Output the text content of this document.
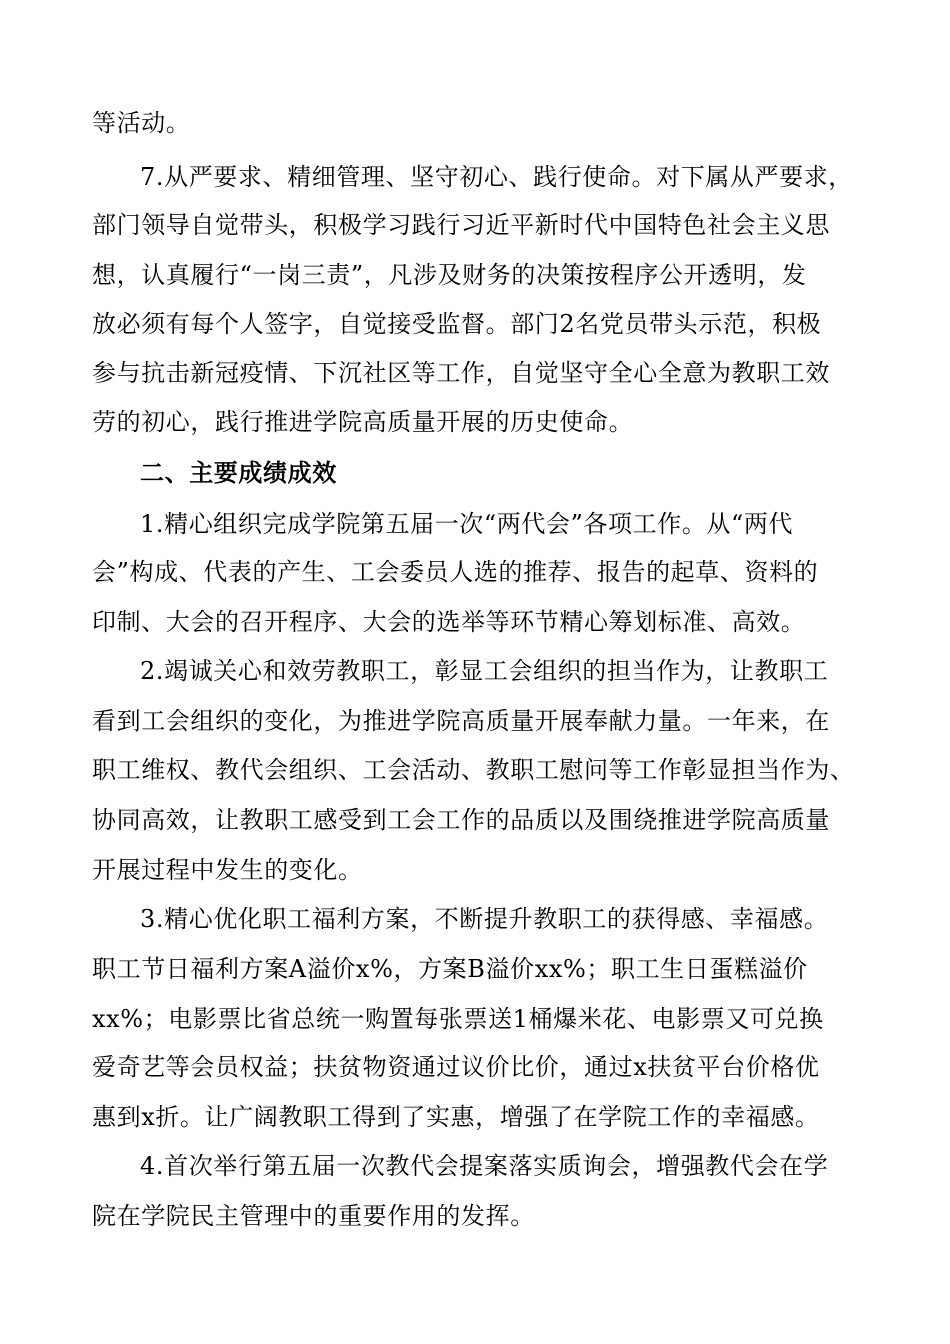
等活动。
7.从严要求、精细管理、坚守初心、践行使命。对下属从严要求，
部门领导自觉带头，积极学习践行习近平新时代中国特色社会主义思
想，认真履行“一岗三责”，凡涉及财务的决策按程序公开透明，发
放必须有每个人签字，自觉接受监督。部门2名党员带头示范，积极
参与抗击新冠疫情、下沉社区等工作，自觉坚守全心全意为教职工效
劳的初心，践行推进学院高质量开展的历史使命。
二、主要成绩成效
1.精心组织完成学院第五届一次“两代会”各项工作。从“两代
会”构成、代表的产生、工会委员人选的推荐、报告的起草、资料的
印制、大会的召开程序、大会的选举等环节精心筹划标准、高效。
2.竭诚关心和效劳教职工，彰显工会组织的担当作为，让教职工
看到工会组织的变化，为推进学院高质量开展奉献力量。一年来，在
职工维权、教代会组织、工会活动、教职工慰问等工作彰显担当作为、
协同高效，让教职工感受到工会工作的品质以及围绕推进学院高质量
开展过程中发生的变化。
3.精心优化职工福利方案，不断提升教职工的获得感、幸福感。
职工节日福利方案A溢价x%，方案B溢价xx%；职工生日蛋糕溢价
xx%；电影票比省总统一购置每张票送1桶爆米花、电影票又可兑换
爱奇艺等会员权益；扶贫物资通过议价比价，通过x扶贫平台价格优
惠到x折。让广阔教职工得到了实惠，增强了在学院工作的幸福感。
4.首次举行第五届一次教代会提案落实质询会，增强教代会在学
院在学院民主管理中的重要作用的发挥。
